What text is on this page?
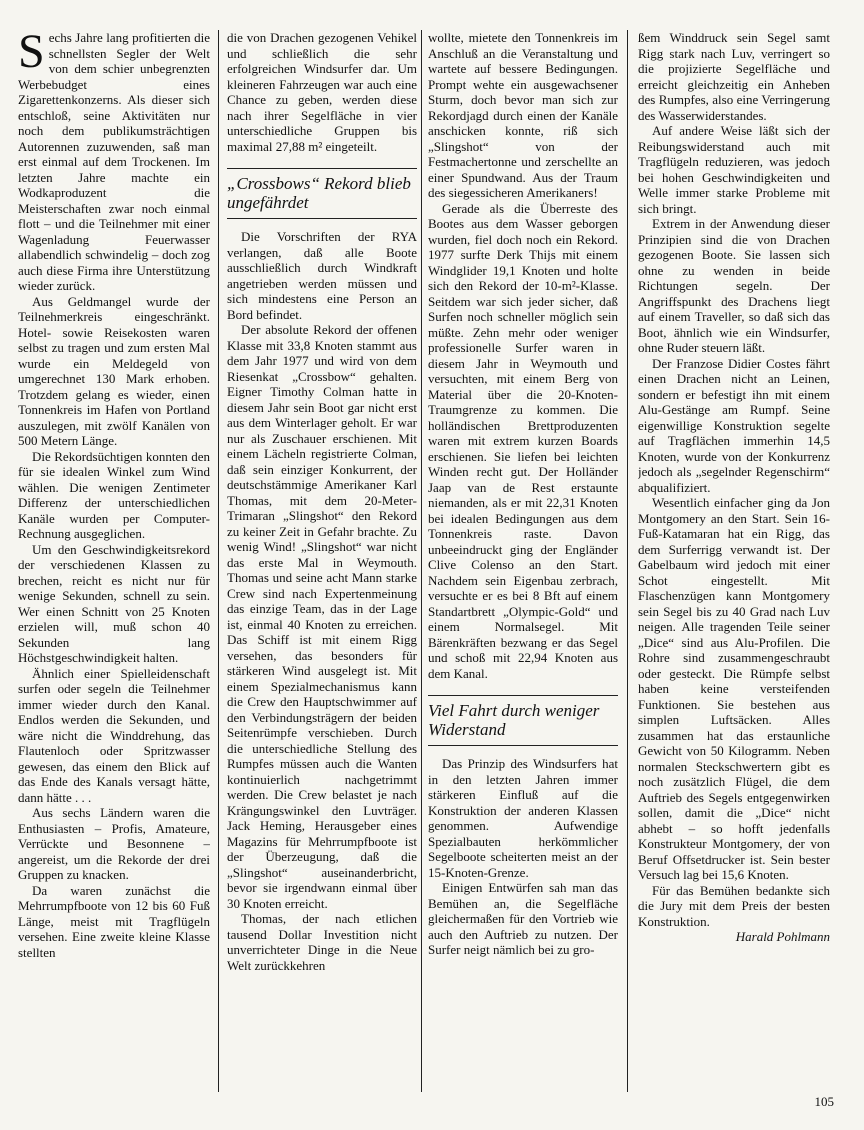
S echs Jahre lang profitierten die schnellsten Segler der Welt von dem schier unbegrenzten Werbebudget eines Zigarettenkonzerns. Als dieser sich entschloß, seine Aktivitäten nur noch dem publikumsträchtigen Autorennen zuzuwenden, saß man erst einmal auf dem Trockenen. Im letzten Jahre machte ein Wodkaproduzent die Meisterschaften zwar noch einmal flott – und die Teilnehmer mit einer Wagenladung Feuerwasser allabendlich schwindelig – doch zog auch diese Firma ihre Unterstützung wieder zurück.

Aus Geldmangel wurde der Teilnehmerkreis eingeschränkt. Hotel- sowie Reisekosten waren selbst zu tragen und zum ersten Mal wurde ein Meldegeld von umgerechnet 130 Mark erhoben. Trotzdem gelang es wieder, einen Tonnenkreis im Hafen von Portland auszulegen, mit zwölf Kanälen von 500 Metern Länge.

Die Rekordsüchtigen konnten den für sie idealen Winkel zum Wind wählen. Die wenigen Zentimeter Differenz der unterschiedlichen Kanäle wurden per Computer-Rechnung ausgeglichen.

Um den Geschwindigkeitsrekord der verschiedenen Klassen zu brechen, reicht es nicht nur für wenige Sekunden, schnell zu sein. Wer einen Schnitt von 25 Knoten erzielen will, muß schon 40 Sekunden lang Höchstgeschwindigkeit halten.

Ähnlich einer Spielleidenschaft surfen oder segeln die Teilnehmer immer wieder durch den Kanal. Endlos werden die Sekunden, und wäre nicht die Winddrehung, das Flautenloch oder Spritzwasser gewesen, das einem den Blick auf das Ende des Kanals versagt hätte, dann hätte . . .

Aus sechs Ländern waren die Enthusiasten – Profis, Amateure, Verrückte und Besonnene – angereist, um die Rekorde der drei Gruppen zu knacken.

Da waren zunächst die Mehrrumpfboote von 12 bis 60 Fuß Länge, meist mit Tragflügeln versehen. Eine zweite kleine Klasse stellten

die von Drachen gezogenen Vehikel und schließlich die sehr erfolgreichen Windsurfer dar. Um kleineren Fahrzeugen war auch eine Chance zu geben, werden diese nach ihrer Segelfläche in vier unterschiedliche Gruppen bis maximal 27,88 m² eingeteilt.

„Crossbows“ Rekord blieb ungefährdet

Die Vorschriften der RYA verlangen, daß alle Boote ausschließlich durch Windkraft angetrieben werden müssen und sich mindestens eine Person an Bord befindet.

Der absolute Rekord der offenen Klasse mit 33,8 Knoten stammt aus dem Jahr 1977 und wird von dem Riesenkat „Crossbow“ gehalten. Eigner Timothy Colman hatte in diesem Jahr sein Boot gar nicht erst aus dem Winterlager geholt. Er war nur als Zuschauer erschienen. Mit einem Lächeln registrierte Colman, daß sein einziger Konkurrent, der deutschstämmige Amerikaner Karl Thomas, mit dem 20-Meter-Trimaran „Slingshot“ den Rekord zu keiner Zeit in Gefahr brachte. Zu wenig Wind! „Slingshot“ war nicht das erste Mal in Weymouth. Thomas und seine acht Mann starke Crew sind nach Expertenmeinung das einzige Team, das in der Lage ist, einmal 40 Knoten zu erreichen. Das Schiff ist mit einem Rigg versehen, das besonders für stärkeren Wind ausgelegt ist. Mit einem Spezialmechanismus kann die Crew den Hauptschwimmer auf den Verbindungsträgern der beiden Seitenrümpfe verschieben. Durch die unterschiedliche Stellung des Rumpfes müssen auch die Wanten kontinuierlich nachgetrimmt werden. Die Crew belastet je nach Krängungswinkel den Luvträger. Jack Heming, Herausgeber eines Magazins für Mehrrumpfboote ist der Überzeugung, daß die „Slingshot“ auseinanderbricht, bevor sie irgendwann einmal über 30 Knoten erreicht.

Thomas, der nach etlichen tausend Dollar Investition nicht unverrichteter Dinge in die Neue Welt zurückkehren

wollte, mietete den Tonnenkreis im Anschluß an die Veranstaltung und wartete auf bessere Bedingungen. Prompt wehte ein ausgewachsener Sturm, doch bevor man sich zur Rekordjagd durch einen der Kanäle anschicken konnte, riß sich „Slingshot“ von der Festmachertonne und zerschellte an einer Spundwand. Aus der Traum des siegessicheren Amerikaners!

Gerade als die Überreste des Bootes aus dem Wasser geborgen wurden, fiel doch noch ein Rekord. 1977 surfte Derk Thijs mit einem Windglider 19,1 Knoten und holte sich den Rekord der 10-m²-Klasse. Seitdem war sich jeder sicher, daß Surfen noch schneller möglich sein müßte. Zehn mehr oder weniger professionelle Surfer waren in diesem Jahr in Weymouth und versuchten, mit einem Berg von Material über die 20-Knoten-Traumgrenze zu kommen. Die holländischen Brettproduzenten waren mit extrem kurzen Boards erschienen. Sie liefen bei leichten Winden recht gut. Der Holländer Jaap van de Rest erstaunte niemanden, als er mit 22,31 Knoten bei idealen Bedingungen aus dem Tonnenkreis raste. Davon unbeeindruckt ging der Engländer Clive Colenso an den Start. Nachdem sein Eigenbau zerbrach, versuchte er es bei 8 Bft auf einem Standartbrett „Olympic-Gold“ und einem Normalsegel. Mit Bärenkräften bezwang er das Segel und schoß mit 22,94 Knoten aus dem Kanal.

Viel Fahrt durch weniger Widerstand

Das Prinzip des Windsurfers hat in den letzten Jahren immer stärkeren Einfluß auf die Konstruktion der anderen Klassen genommen. Aufwendige Spezialbauten herkömmlicher Segelboote scheiterten meist an der 15-Knoten-Grenze.

Einigen Entwürfen sah man das Bemühen an, die Segelfläche gleichermaßen für den Vortrieb wie auch den Auftrieb zu nutzen. Der Surfer neigt nämlich bei zu gro-

ßem Winddruck sein Segel samt Rigg stark nach Luv, verringert so die projizierte Segelfläche und erreicht gleichzeitig ein Anheben des Rumpfes, also eine Verringerung des Wasserwiderstandes.

Auf andere Weise läßt sich der Reibungswiderstand auch mit Tragflügeln reduzieren, was jedoch bei hohen Geschwindigkeiten und Welle immer starke Probleme mit sich bringt.

Extrem in der Anwendung dieser Prinzipien sind die von Drachen gezogenen Boote. Sie lassen sich ohne zu wenden in beide Richtungen segeln. Der Angriffspunkt des Drachens liegt auf einem Traveller, so daß sich das Boot, ähnlich wie ein Windsurfer, ohne Ruder steuern läßt.

Der Franzose Didier Costes fährt einen Drachen nicht an Leinen, sondern er befestigt ihn mit einem Alu-Gestänge am Rumpf. Seine eigenwillige Konstruktion segelte auf Tragflächen immerhin 14,5 Knoten, wurde von der Konkurrenz jedoch als „segelnder Regenschirm“ abqualifiziert.

Wesentlich einfacher ging da Jon Montgomery an den Start. Sein 16-Fuß-Katamaran hat ein Rigg, das dem Surferrigg verwandt ist. Der Gabelbaum wird jedoch mit einer Schot eingestellt. Mit Flaschenzügen kann Montgomery sein Segel bis zu 40 Grad nach Luv neigen. Alle tragenden Teile seiner „Dice“ sind aus Alu-Profilen. Die Rohre sind zusammengeschraubt oder gesteckt. Die Rümpfe selbst haben keine versteifenden Funktionen. Sie bestehen aus simplen Luftsäcken. Alles zusammen hat das erstaunliche Gewicht von 50 Kilogramm. Neben normalen Steckschwertern gibt es noch zusätzlich Flügel, die dem Auftrieb des Segels entgegenwirken sollen, damit die „Dice“ nicht abhebt – so hofft jedenfalls Konstrukteur Montgomery, der von Beruf Offsetdrucker ist. Sein bester Versuch lag bei 15,6 Knoten.

Für das Bemühen bedankte sich die Jury mit dem Preis der besten Konstruktion.

Harald Pohlmann

105
